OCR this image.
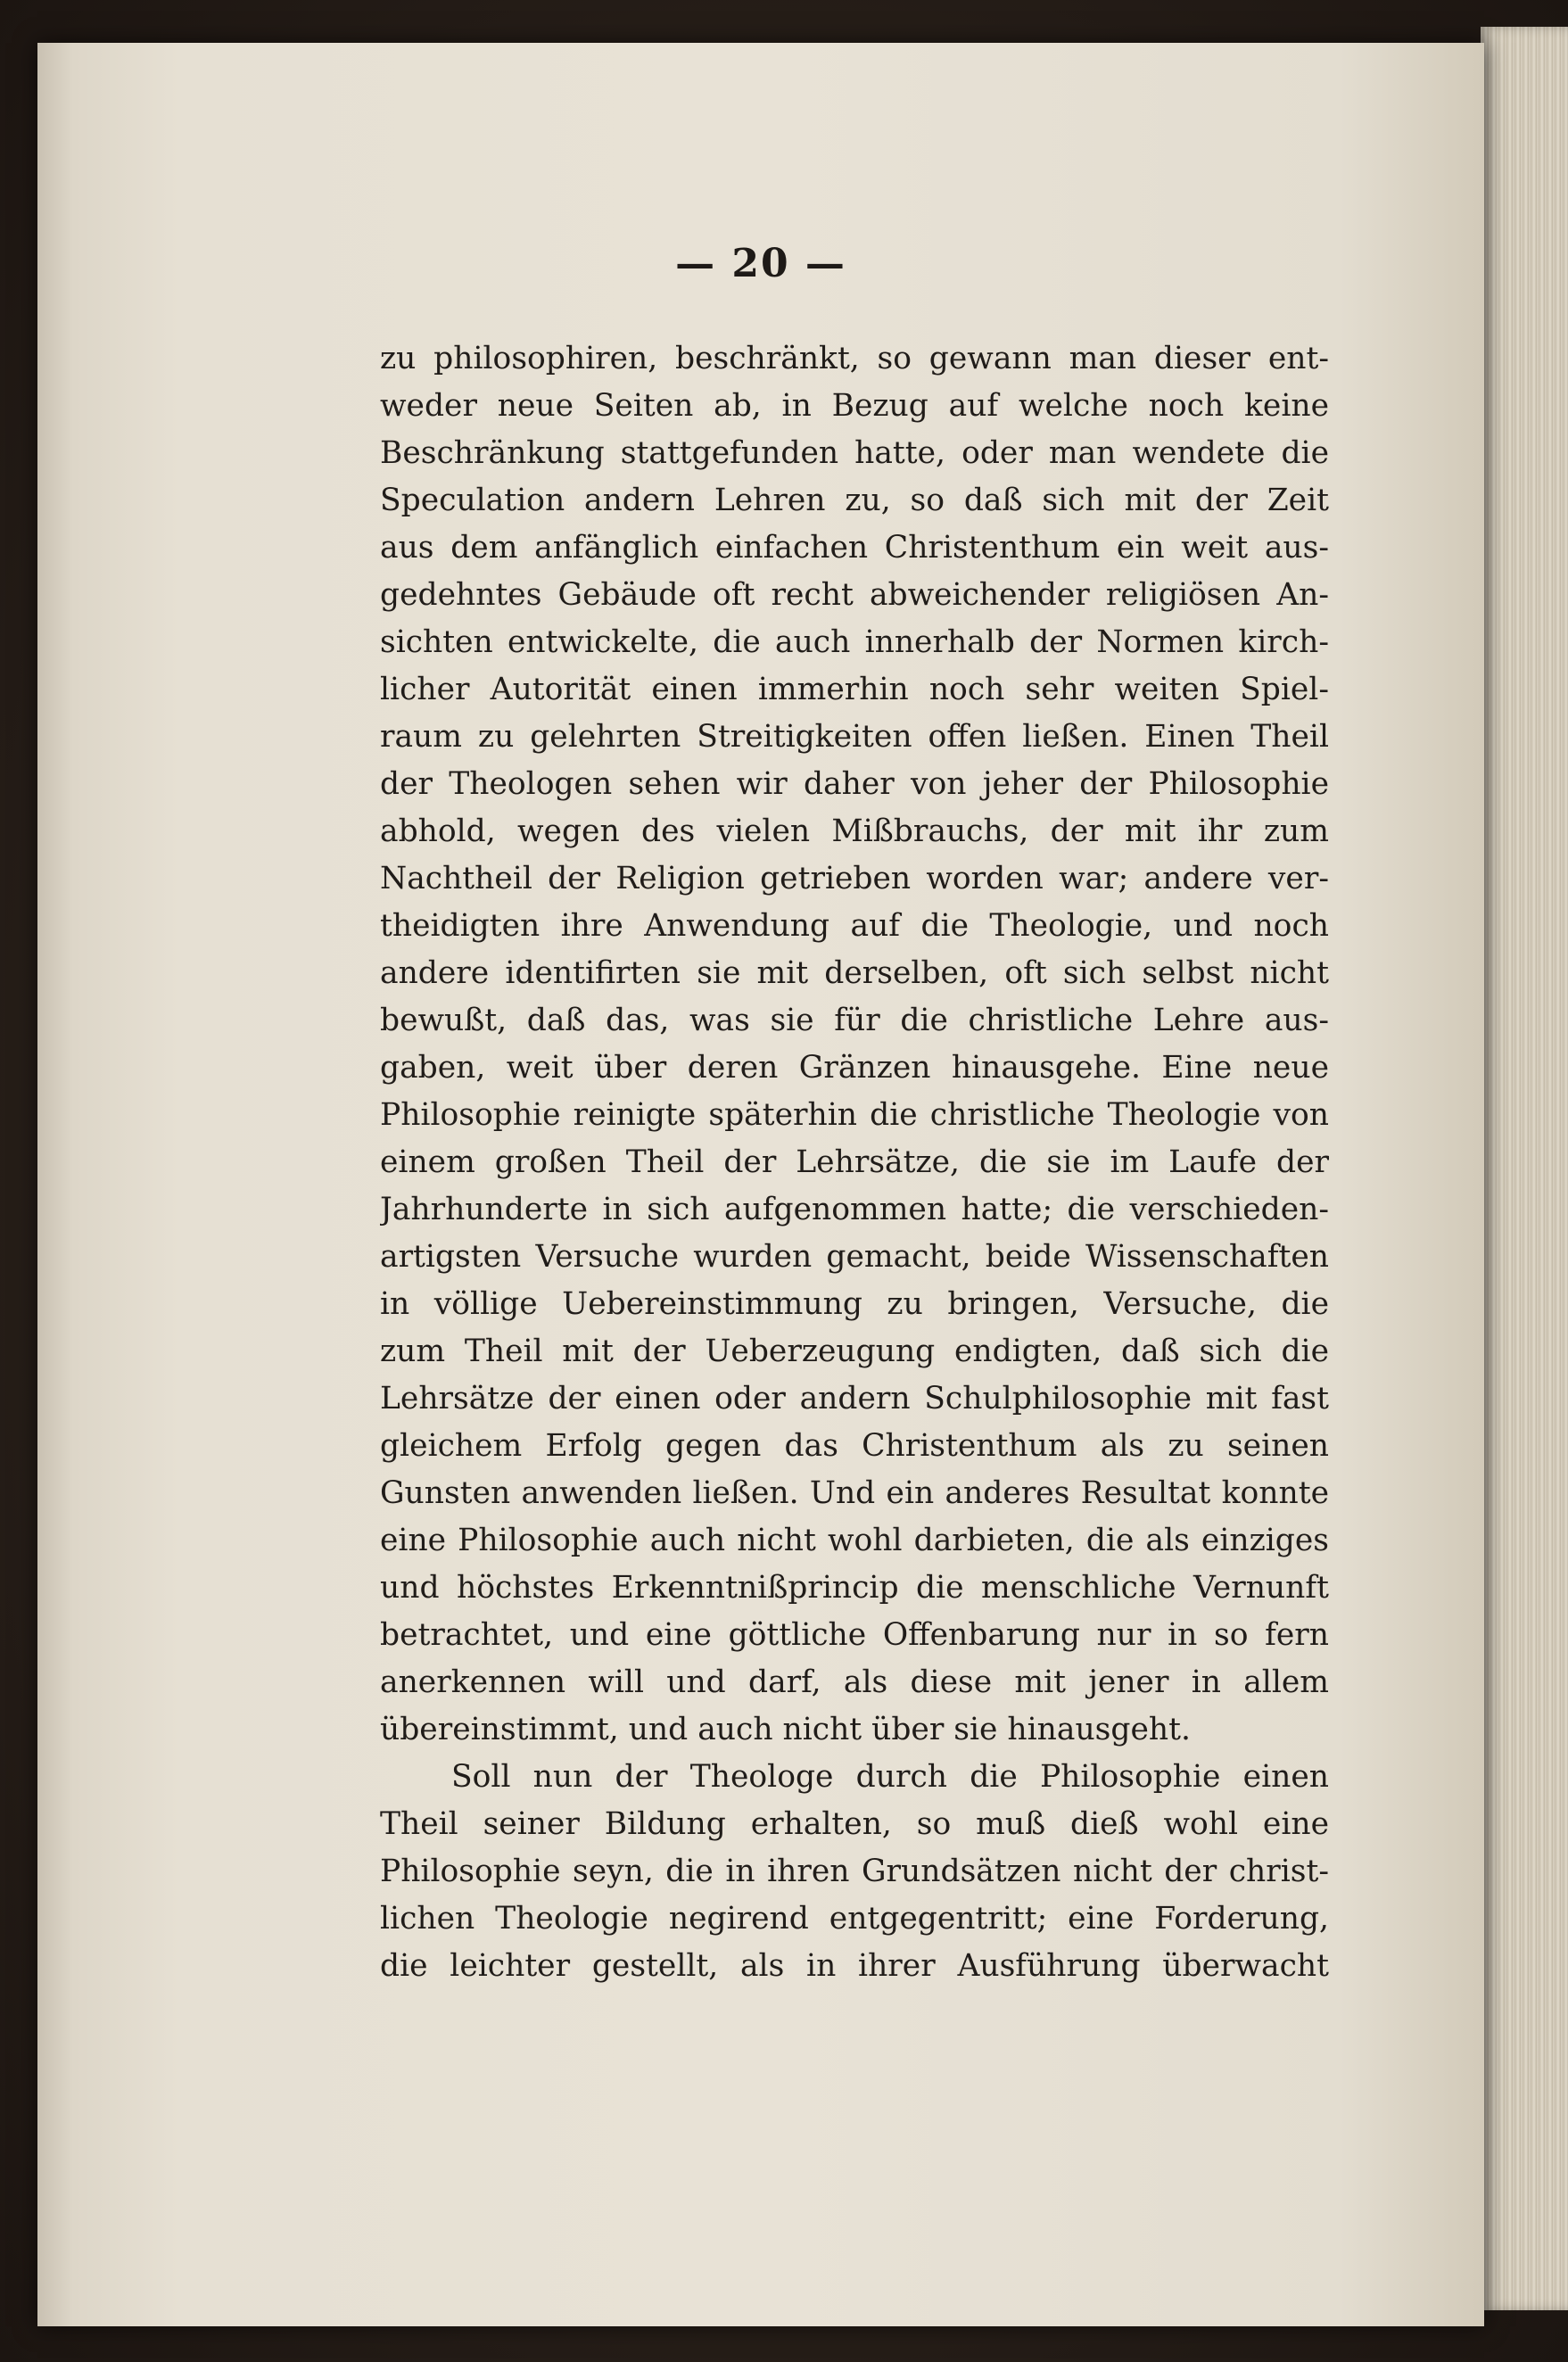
— 20 —
zu philosophiren, beschränkt, so gewann man dieser ent-
weder neue Seiten ab, in Bezug auf welche noch keine
Beschränkung stattgefunden hatte, oder man wendete die
Speculation andern Lehren zu, so daß sich mit der Zeit
aus dem anfänglich einfachen Christenthum ein weit aus-
gedehntes Gebäude oft recht abweichender religiösen An-
sichten entwickelte, die auch innerhalb der Normen kirch-
licher Autorität einen immerhin noch sehr weiten Spiel-
raum zu gelehrten Streitigkeiten offen ließen. Einen Theil
der Theologen sehen wir daher von jeher der Philosophie
abhold, wegen des vielen Mißbrauchs, der mit ihr zum
Nachtheil der Religion getrieben worden war; andere ver-
theidigten ihre Anwendung auf die Theologie, und noch
andere identifirten sie mit derselben, oft sich selbst nicht
bewußt, daß das, was sie für die christliche Lehre aus-
gaben, weit über deren Gränzen hinausgehe. Eine neue
Philosophie reinigte späterhin die christliche Theologie von
einem großen Theil der Lehrsätze, die sie im Laufe der
Jahrhunderte in sich aufgenommen hatte; die verschieden-
artigsten Versuche wurden gemacht, beide Wissenschaften
in völlige Uebereinstimmung zu bringen, Versuche, die
zum Theil mit der Ueberzeugung endigten, daß sich die
Lehrsätze der einen oder andern Schulphilosophie mit fast
gleichem Erfolg gegen das Christenthum als zu seinen
Gunsten anwenden ließen. Und ein anderes Resultat konnte
eine Philosophie auch nicht wohl darbieten, die als einziges
und höchstes Erkenntnißprincip die menschliche Vernunft
betrachtet, und eine göttliche Offenbarung nur in so fern
anerkennen will und darf, als diese mit jener in allem
übereinstimmt, und auch nicht über sie hinausgeht.
Soll nun der Theologe durch die Philosophie einen
Theil seiner Bildung erhalten, so muß dieß wohl eine
Philosophie seyn, die in ihren Grundsätzen nicht der christ-
lichen Theologie negirend entgegentritt; eine Forderung,
die leichter gestellt, als in ihrer Ausführung überwacht
